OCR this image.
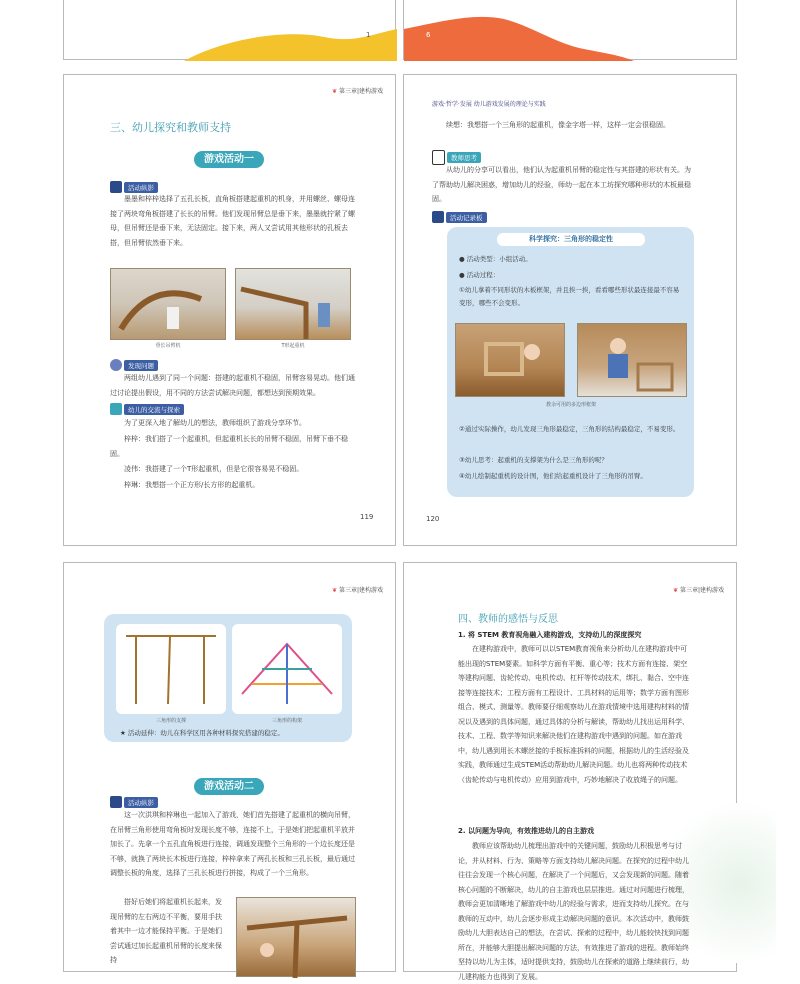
1	6
❦ 第三章|建构游戏
三、幼儿探究和教师支持
游戏活动一
活动纵影

墨墨和梓梓选择了五孔长板，直角板搭建起重机的机身，并用螺丝、螺母连接了两块弯角板搭建了长长的吊臂。他们发现吊臂总是垂下来，墨墨就拧紧了螺母，但吊臂还是垂下来，无法固定。接下来，两人又尝试用其他形状的孔板去搭，但吊臂依然垂下来。

垂长吊臂机	T形起重机
发现问题

两组幼儿遇到了同一个问题：搭建的起重机不稳固，吊臂容易晃动。他们通过讨论提出假设，用不同的方法尝试解决问题，都想达到预期效果。

幼儿的交流与探索

为了更深入地了解幼儿的想法，教师组织了游戏分享环节。

梓梓：我们搭了一个起重机，但起重机长长的吊臂不稳固，吊臂下垂不稳固。

凌伟：我搭建了一个T形起重机，但是它很容易晃不稳固。

梓琳：我想搭一个正方形/长方形的起重机。

119
游戏·哲学·发展 幼儿游戏发展的理论与实践

续想：我想搭一个三角形的起重机，像金字塔一样，这样一定会很稳固。

教师思考

从幼儿的分享可以看出，他们认为起重机吊臂的稳定性与其搭建的形状有关。为了帮助幼儿解决困惑，增加幼儿的经验，师幼一起在本工坊探究哪种形状的木板最稳固。

活动记录板
科学探究：三角形的稳定性
● 活动类型：小组活动。
● 活动过程：
①幼儿拿着不同形状的木板框架，并且挨一挨，看看哪些形状最连接最不容易变形，哪些不会变形。
教余可用的多边形框架
②通过实际操作，幼儿发现三角形最稳定，三角形的结构最稳定，不易变形。
③幼儿思考：起重机的支撑架为什么是三角形的呢？
④幼儿绘制起重机的设计图，他们给起重机设计了三角形的吊臂。
120
❦ 第三章|建构游戏
三角形的支撑	三角形的构架
★ 活动延伸：幼儿在科学区用各种材料探究搭建的稳定。
游戏活动二
活动纵影

这一次洪琪和梓琳也一起加入了游戏，她们首先搭建了起重机的横向吊臂，在吊臂三角形使用弯角板时发现长度不够，连接不上，于是她们把起重机平放并加长了。先拿一个五孔直角板进行连接，调通发现整个三角形的一个边长度还是不够，就换了两块长木板进行连接，梓梓拿来了两孔长板和三孔长板，最后通过调整长板的角度，选择了三孔长板进行拼接，构成了一个三角形。

搭好后她们将起重机长起来，发现吊臂的左右两边不平衡，要用手扶着其中一边才能保持平衡。于是她们尝试通过加长起重机吊臂的长度来保持

❦ 第三章|建构游戏
四、教师的感悟与反思
1. 将 STEM 教育视角融入建构游戏，支持幼儿的深度探究

在建构游戏中，教师可以以STEM教育视角来分析幼儿在建构游戏中可能出现的STEM要素。如科学方面有平衡、重心等；技术方面有连接、架空等建构问题、齿轮传动、电机传动、杠杆等传动技术，绑扎、黏合、空中连接等连接技术；工程方面有工程设计、工具材料的运用等；数学方面有图形组合、模式、测量等。教师要仔细观察幼儿在游戏情境中选用建构材料的情况以及遇到的具体问题，通过具体的分析与解读，帮助幼儿找出运用科学、技术、工程、数学等知识来解决他们在建构游戏中遇到的问题。如在游戏中，幼儿遇到用长木螺丝接的手板标准拆料的问题，根据幼儿的生活经验及实践，教师通过生成STEM活动帮助幼儿解决问题。幼儿也将两种传动技术（齿轮传动与电机传动）应用到游戏中，巧妙地解决了收放绳子的问题。

2. 以问题为导向，有效推进幼儿的自主游戏

教师应该帮助幼儿梳理出游戏中的关键问题，鼓励幼儿积极思考与讨论，并从材料、行为、策略等方面支持幼儿解决问题。在探究的过程中幼儿往往会发现一个核心问题，在解决了一个问题后，又会发现新的问题。随着核心问题的不断解决，幼儿的自主游戏也层层推进。通过对问题进行梳理，教师会更加清晰地了解游戏中幼儿的经验与需求，进而支持幼儿探究。在与教师的互动中，幼儿会逐步形成主动解决问题的意识。本次活动中，教师鼓励幼儿大胆表达自己的想法，在尝试、探索的过程中，幼儿能较快找到问题所在，并能够大胆提出解决问题的方法，有效推进了游戏的进程。教师始终坚持以幼儿为主体，适时提供支持，鼓励幼儿在探索的道路上继续前行，幼儿建构能力也得到了发展。
